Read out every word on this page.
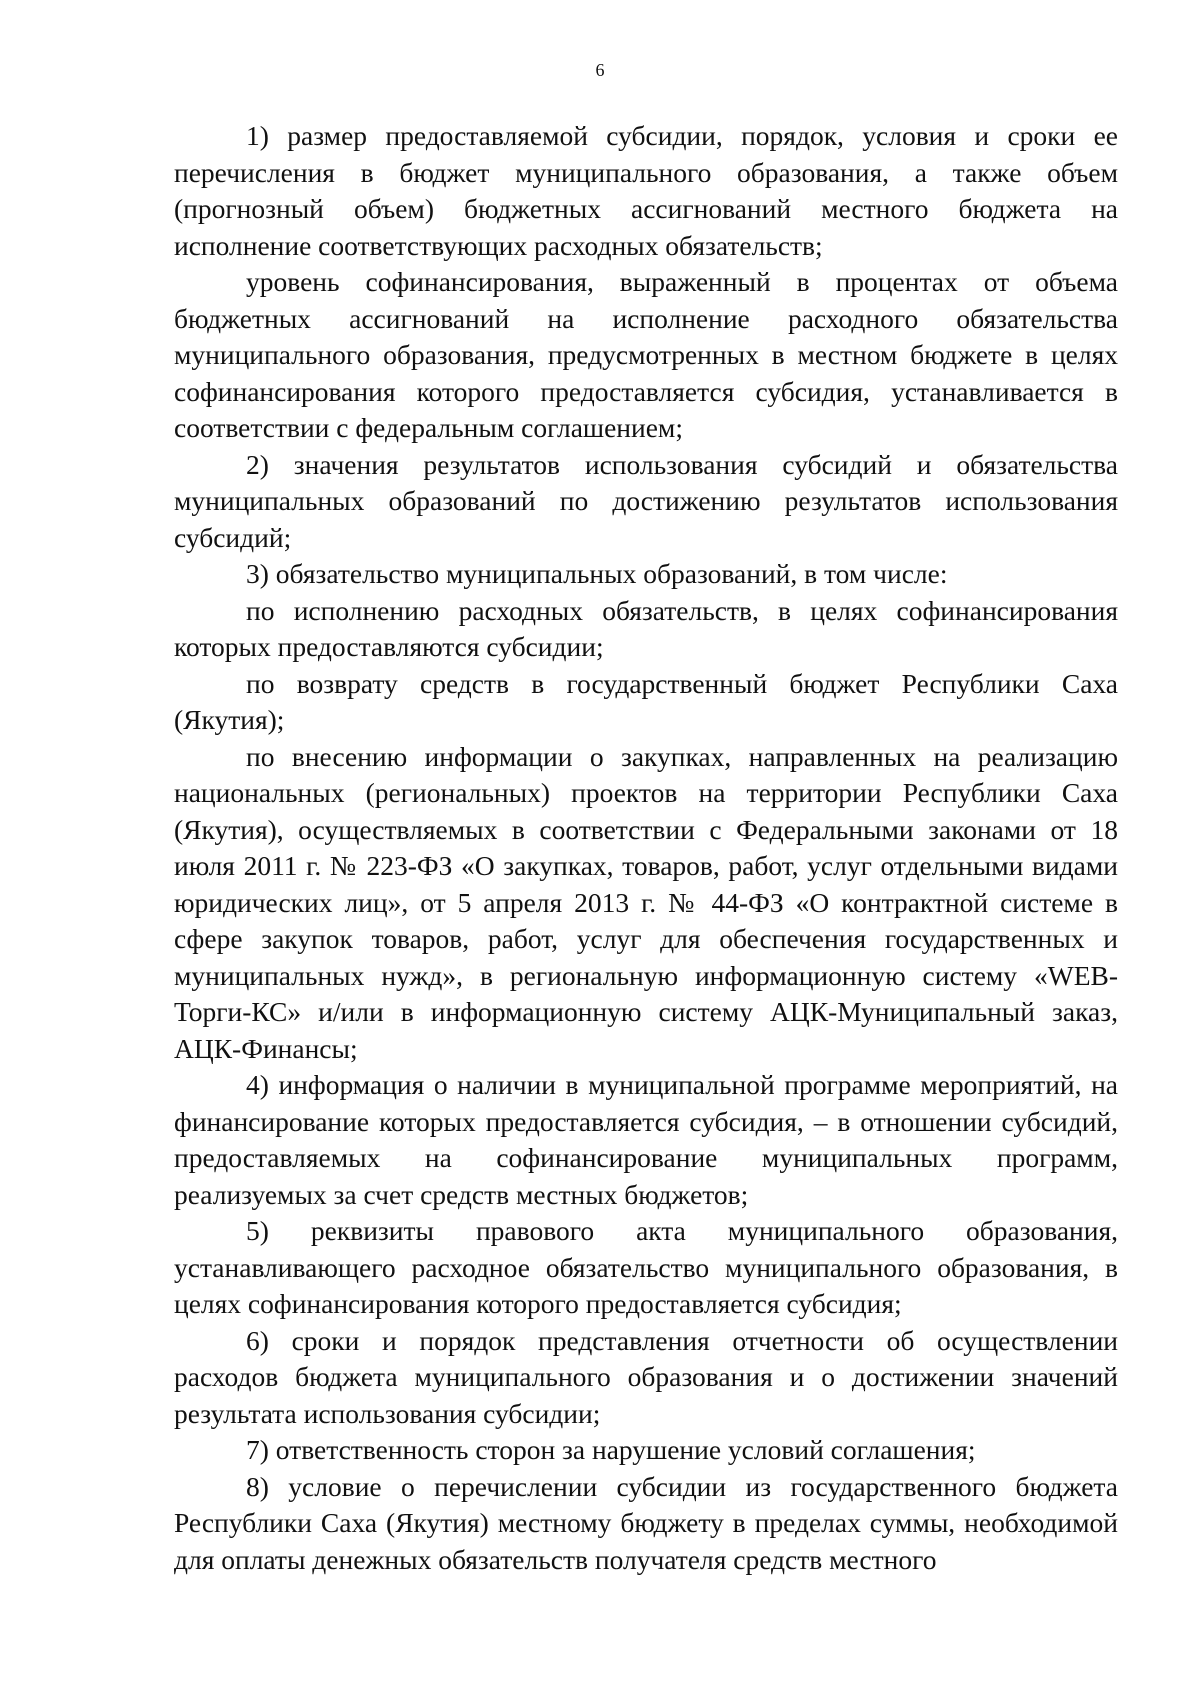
6

1) размер предоставляемой субсидии, порядок, условия и сроки ее перечисления в бюджет муниципального образования, а также объем (прогнозный объем) бюджетных ассигнований местного бюджета на исполнение соответствующих расходных обязательств;

уровень софинансирования, выраженный в процентах от объема бюджетных ассигнований на исполнение расходного обязательства муниципального образования, предусмотренных в местном бюджете в целях софинансирования которого предоставляется субсидия, устанавливается в соответствии с федеральным соглашением;

2) значения результатов использования субсидий и обязательства муниципальных образований по достижению результатов использования субсидий;

3) обязательство муниципальных образований, в том числе:

по исполнению расходных обязательств, в целях софинансирования которых предоставляются субсидии;

по возврату средств в государственный бюджет Республики Саха (Якутия);

по внесению информации о закупках, направленных на реализацию национальных (региональных) проектов на территории Республики Саха (Якутия), осуществляемых в соответствии с Федеральными законами от 18 июля 2011 г. № 223-ФЗ «О закупках, товаров, работ, услуг отдельными видами юридических лиц», от 5 апреля 2013 г. № 44-ФЗ «О контрактной системе в сфере закупок товаров, работ, услуг для обеспечения государственных и муниципальных нужд», в региональную информационную систему «WEB-Торги-КС» и/или в информационную систему АЦК-Муниципальный заказ, АЦК-Финансы;

4) информация о наличии в муниципальной программе мероприятий, на финансирование которых предоставляется субсидия, – в отношении субсидий, предоставляемых на софинансирование муниципальных программ, реализуемых за счет средств местных бюджетов;

5) реквизиты правового акта муниципального образования, устанавливающего расходное обязательство муниципального образования, в целях софинансирования которого предоставляется субсидия;

6) сроки и порядок представления отчетности об осуществлении расходов бюджета муниципального образования и о достижении значений результата использования субсидии;

7) ответственность сторон за нарушение условий соглашения;

8) условие о перечислении субсидии из государственного бюджета Республики Саха (Якутия) местному бюджету в пределах суммы, необходимой для оплаты денежных обязательств получателя средств местного
